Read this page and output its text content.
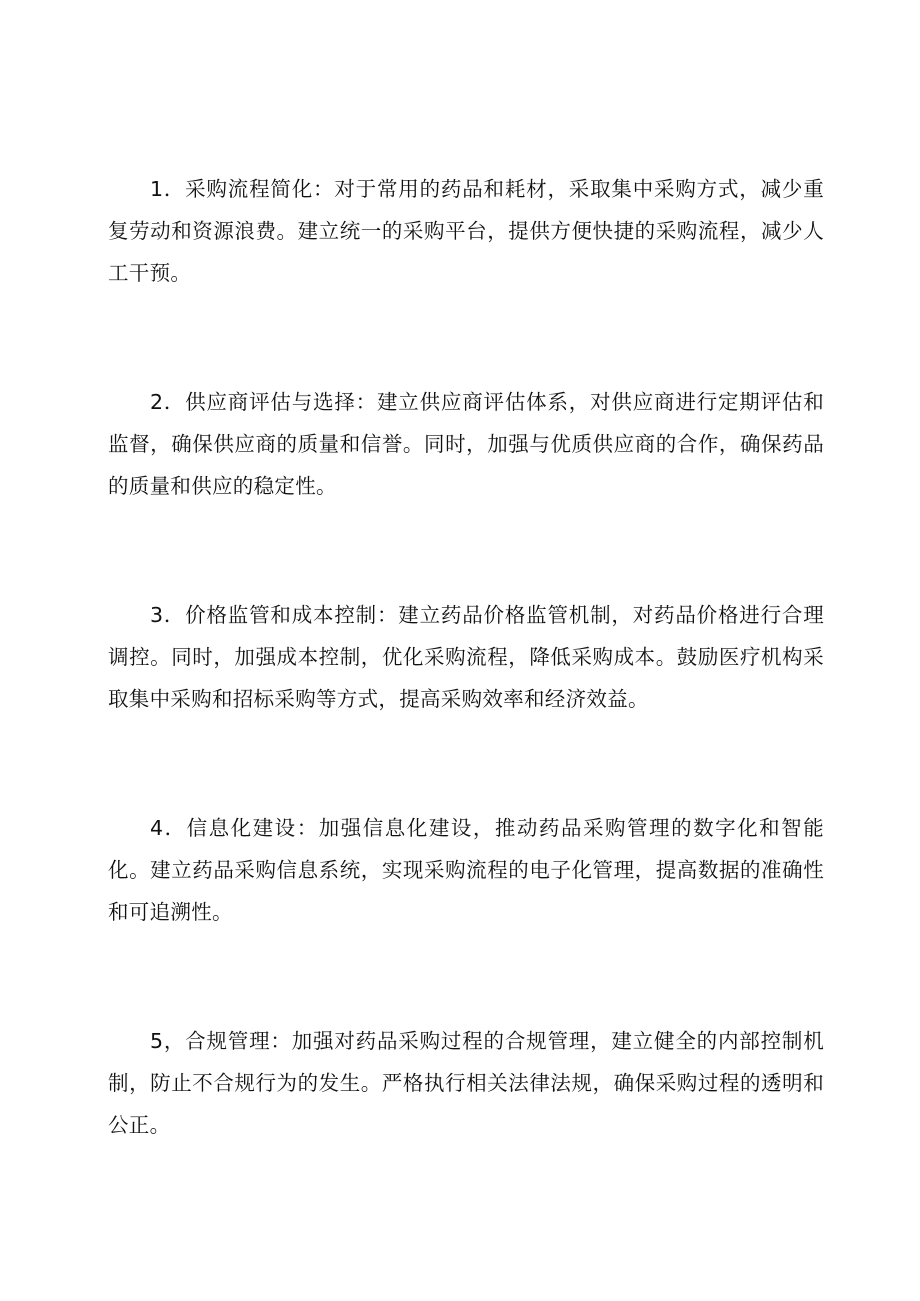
1．采购流程简化：对于常用的药品和耗材，采取集中采购方式，减少重复劳动和资源浪费。建立统一的采购平台，提供方便快捷的采购流程，减少人工干预。

2．供应商评估与选择：建立供应商评估体系，对供应商进行定期评估和监督，确保供应商的质量和信誉。同时，加强与优质供应商的合作，确保药品的质量和供应的稳定性。

3．价格监管和成本控制：建立药品价格监管机制，对药品价格进行合理调控。同时，加强成本控制，优化采购流程，降低采购成本。鼓励医疗机构采取集中采购和招标采购等方式，提高采购效率和经济效益。

4．信息化建设：加强信息化建设，推动药品采购管理的数字化和智能化。建立药品采购信息系统，实现采购流程的电子化管理，提高数据的准确性和可追溯性。

5，合规管理：加强对药品采购过程的合规管理，建立健全的内部控制机制，防止不合规行为的发生。严格执行相关法律法规，确保采购过程的透明和公正。
